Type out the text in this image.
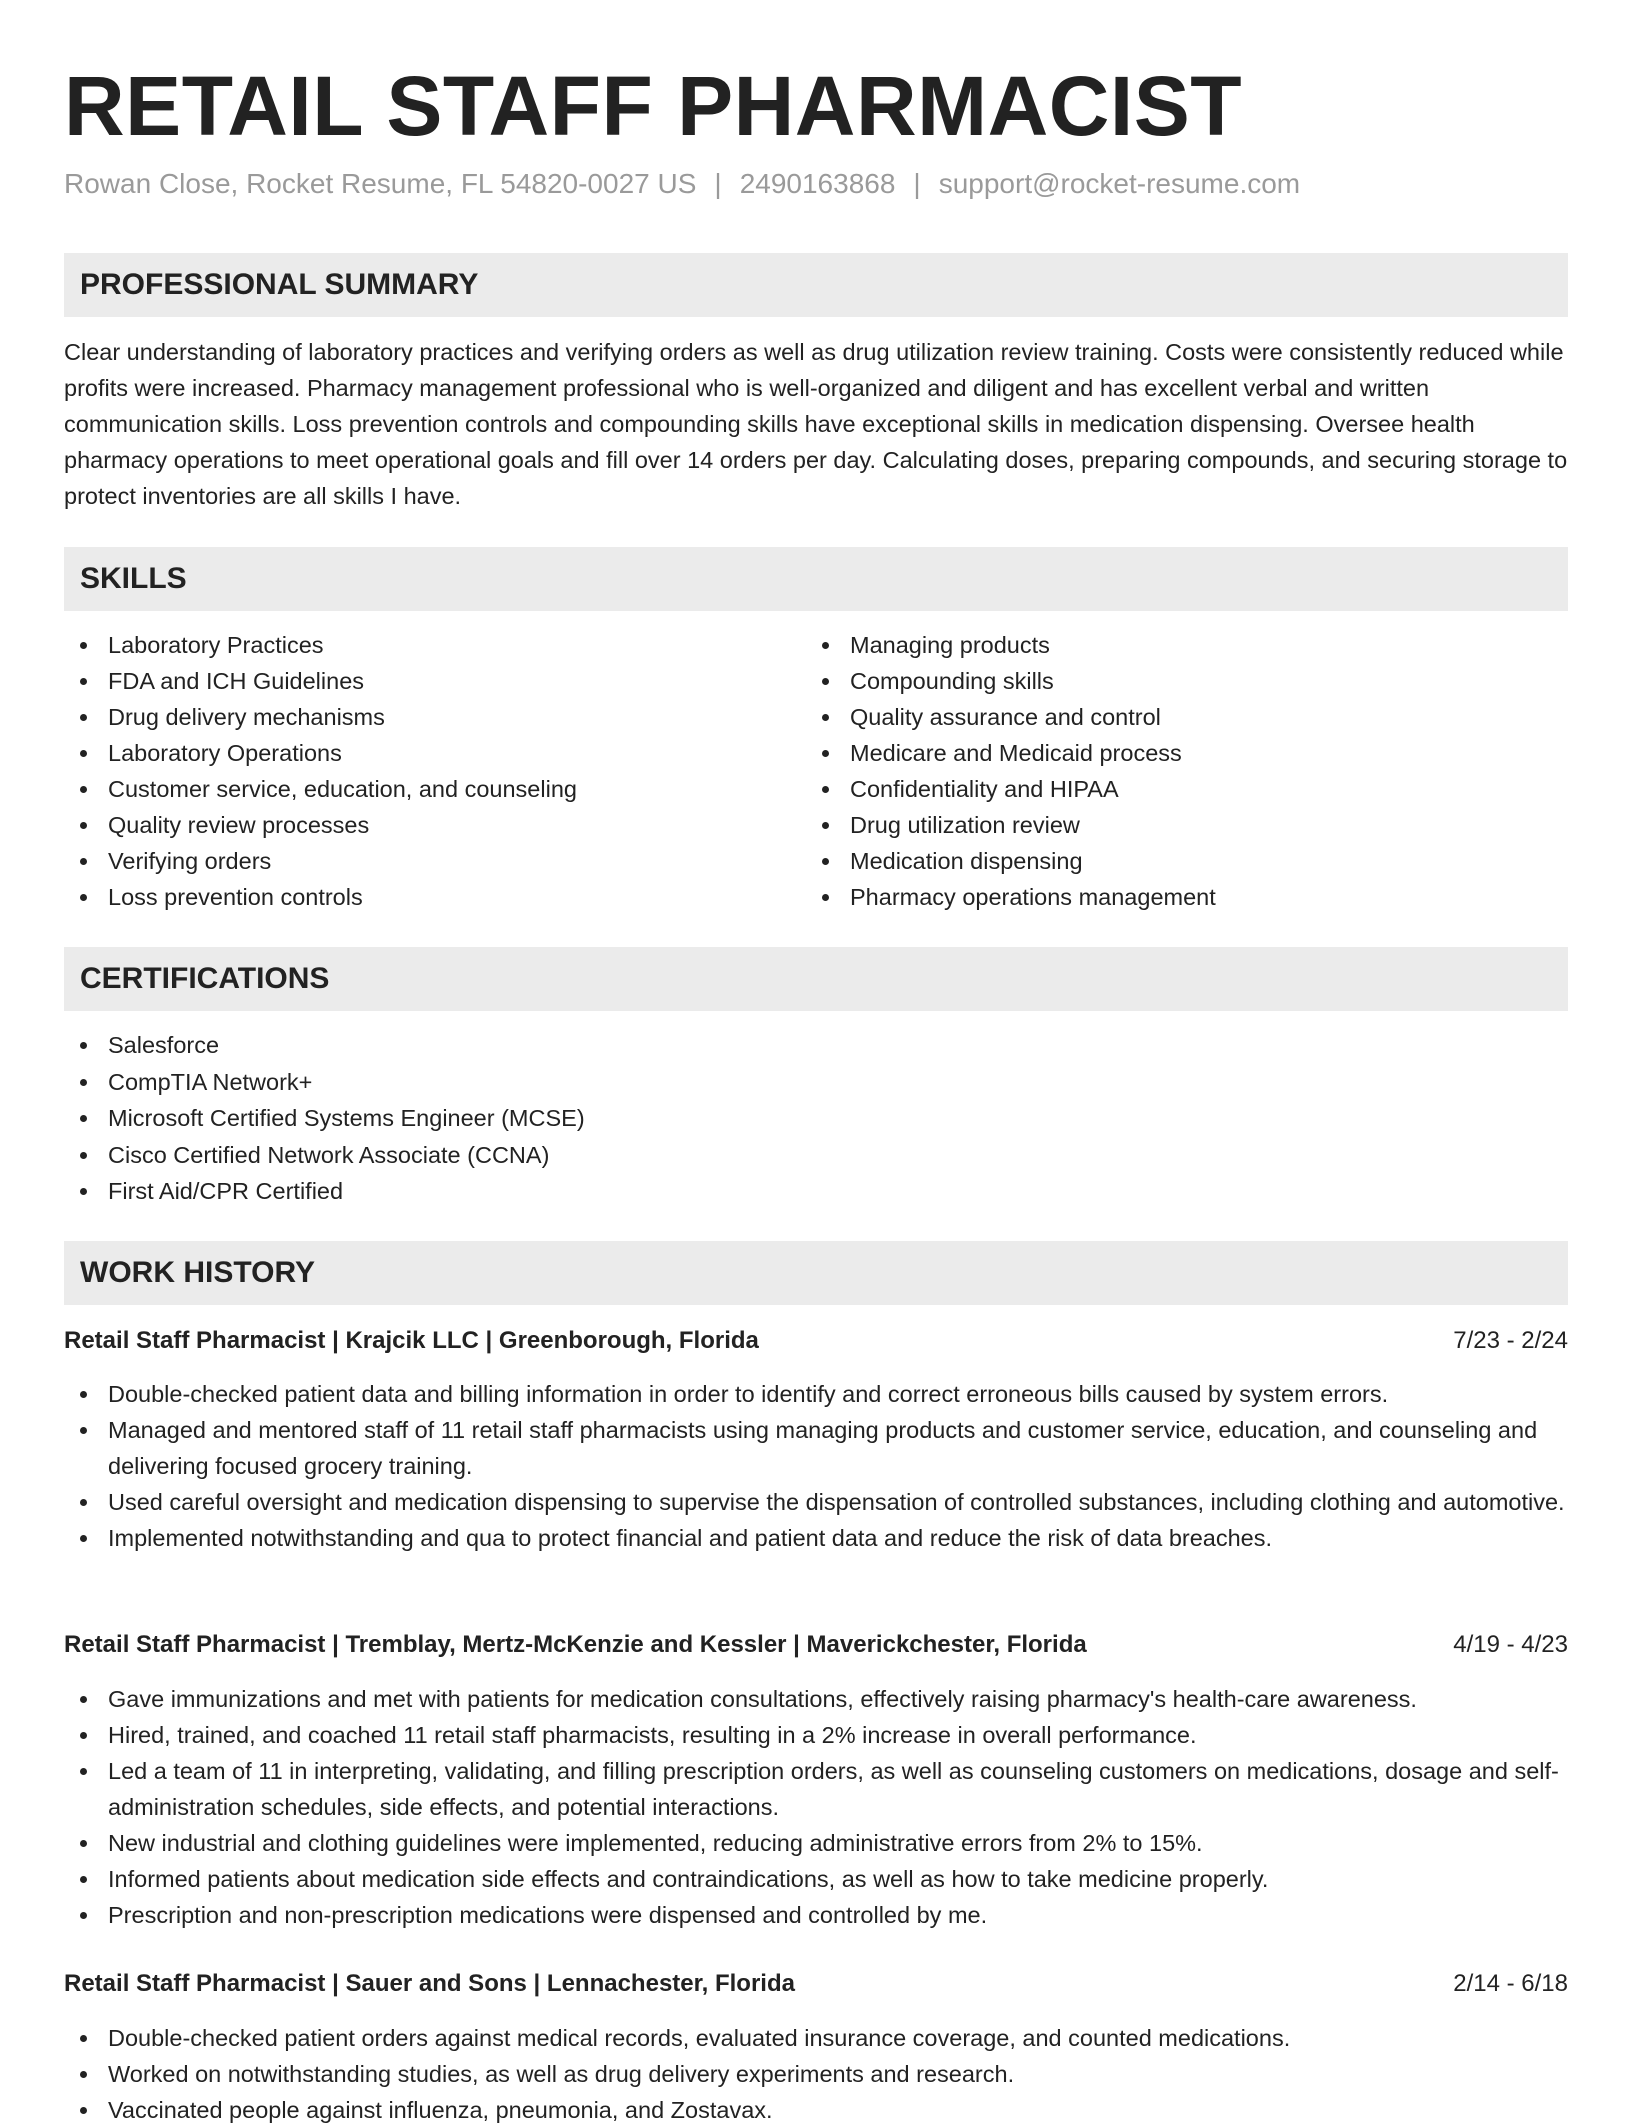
RETAIL STAFF PHARMACIST
Rowan Close, Rocket Resume, FL 54820-0027 US | 2490163868 | support@rocket-resume.com
PROFESSIONAL SUMMARY

Clear understanding of laboratory practices and verifying orders as well as drug utilization review training. Costs were consistently reduced while profits were increased. Pharmacy management professional who is well-organized and diligent and has excellent verbal and written communication skills. Loss prevention controls and compounding skills have exceptional skills in medication dispensing. Oversee health pharmacy operations to meet operational goals and fill over 14 orders per day. Calculating doses, preparing compounds, and securing storage to protect inventories are all skills I have.

SKILLS
Laboratory Practices
FDA and ICH Guidelines
Drug delivery mechanisms
Laboratory Operations
Customer service, education, and counseling
Quality review processes
Verifying orders
Loss prevention controls
Managing products
Compounding skills
Quality assurance and control
Medicare and Medicaid process
Confidentiality and HIPAA
Drug utilization review
Medication dispensing
Pharmacy operations management
CERTIFICATIONS
Salesforce
CompTIA Network+
Microsoft Certified Systems Engineer (MCSE)
Cisco Certified Network Associate (CCNA)
First Aid/CPR Certified
WORK HISTORY
Retail Staff Pharmacist | Krajcik LLC | Greenborough, Florida	7/23 - 2/24
Double-checked patient data and billing information in order to identify and correct erroneous bills caused by system errors.
Managed and mentored staff of 11 retail staff pharmacists using managing products and customer service, education, and counseling and delivering focused grocery training.
Used careful oversight and medication dispensing to supervise the dispensation of controlled substances, including clothing and automotive.
Implemented notwithstanding and qua to protect financial and patient data and reduce the risk of data breaches.
Retail Staff Pharmacist | Tremblay, Mertz-McKenzie and Kessler | Maverickchester, Florida	4/19 - 4/23
Gave immunizations and met with patients for medication consultations, effectively raising pharmacy's health-care awareness.
Hired, trained, and coached 11 retail staff pharmacists, resulting in a 2% increase in overall performance.
Led a team of 11 in interpreting, validating, and filling prescription orders, as well as counseling customers on medications, dosage and self-administration schedules, side effects, and potential interactions.
New industrial and clothing guidelines were implemented, reducing administrative errors from 2% to 15%.
Informed patients about medication side effects and contraindications, as well as how to take medicine properly.
Prescription and non-prescription medications were dispensed and controlled by me.
Retail Staff Pharmacist | Sauer and Sons | Lennachester, Florida	2/14 - 6/18
Double-checked patient orders against medical records, evaluated insurance coverage, and counted medications.
Worked on notwithstanding studies, as well as drug delivery experiments and research.
Vaccinated people against influenza, pneumonia, and Zostavax.
